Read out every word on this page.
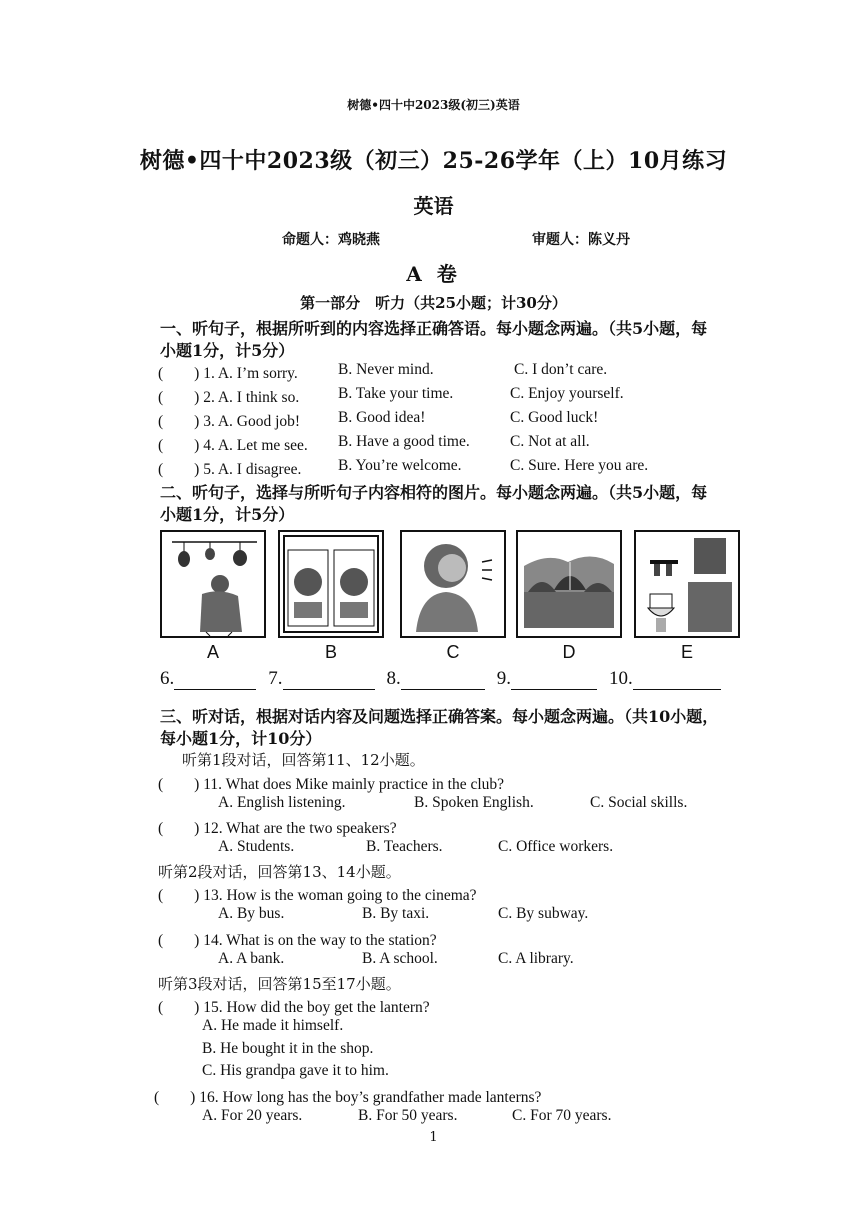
树德•四十中2023级(初三)英语
树德•四十中2023级（初三）25-26学年（上）10月练习
英语
命题人：鸡晓燕	审题人：陈义丹
A 卷
第一部分　听力（共25小题；计30分）
一、听句子，根据所听到的内容选择正确答语。每小题念两遍。（共5小题，每
小题1分，计5分）
(　　) 1. A. I’m sorry.	B. Never mind.	C. I don’t care.
(　　) 2. A. I think so.	B. Take your time.	C. Enjoy yourself.
(　　) 3. A. Good job! B. Good idea!	C. Good luck!
(　　) 4. A. Let me see. B. Have a good time.	C. Not at all.
(　　) 5. A. I disagree. B. You’re welcome.	C. Sure. Here you are.
二、听句子，选择与所听句子内容相符的图片。每小题念两遍。（共5小题，每
小题1分，计5分）
A	B	C	D	E
6.	7.	8.	9.	10.
三、听对话，根据对话内容及问题选择正确答案。每小题念两遍。（共10小题，
每小题1分，计10分）
听第1段对话，回答第11、12小题。
(　　) 11. What does Mike mainly practice in the club?
A. English listening.	B. Spoken English.	C. Social skills.
(　　) 12. What are the two speakers?
A. Students.	B. Teachers.	C. Office workers.
听第2段对话，回答第13、14小题。
(　　) 13. How is the woman going to the cinema?
A. By bus.	B. By taxi.	C. By subway.
(　　) 14. What is on the way to the station?
A. A bank.	B. A school.	C. A library.
听第3段对话，回答第15至17小题。
(　　) 15. How did the boy get the lantern?
A. He made it himself.
B. He bought it in the shop.
C. His grandpa gave it to him.
(　　) 16. How long has the boy’s grandfather made lanterns?
A. For 20 years.	B. For 50 years.	C. For 70 years.
1
